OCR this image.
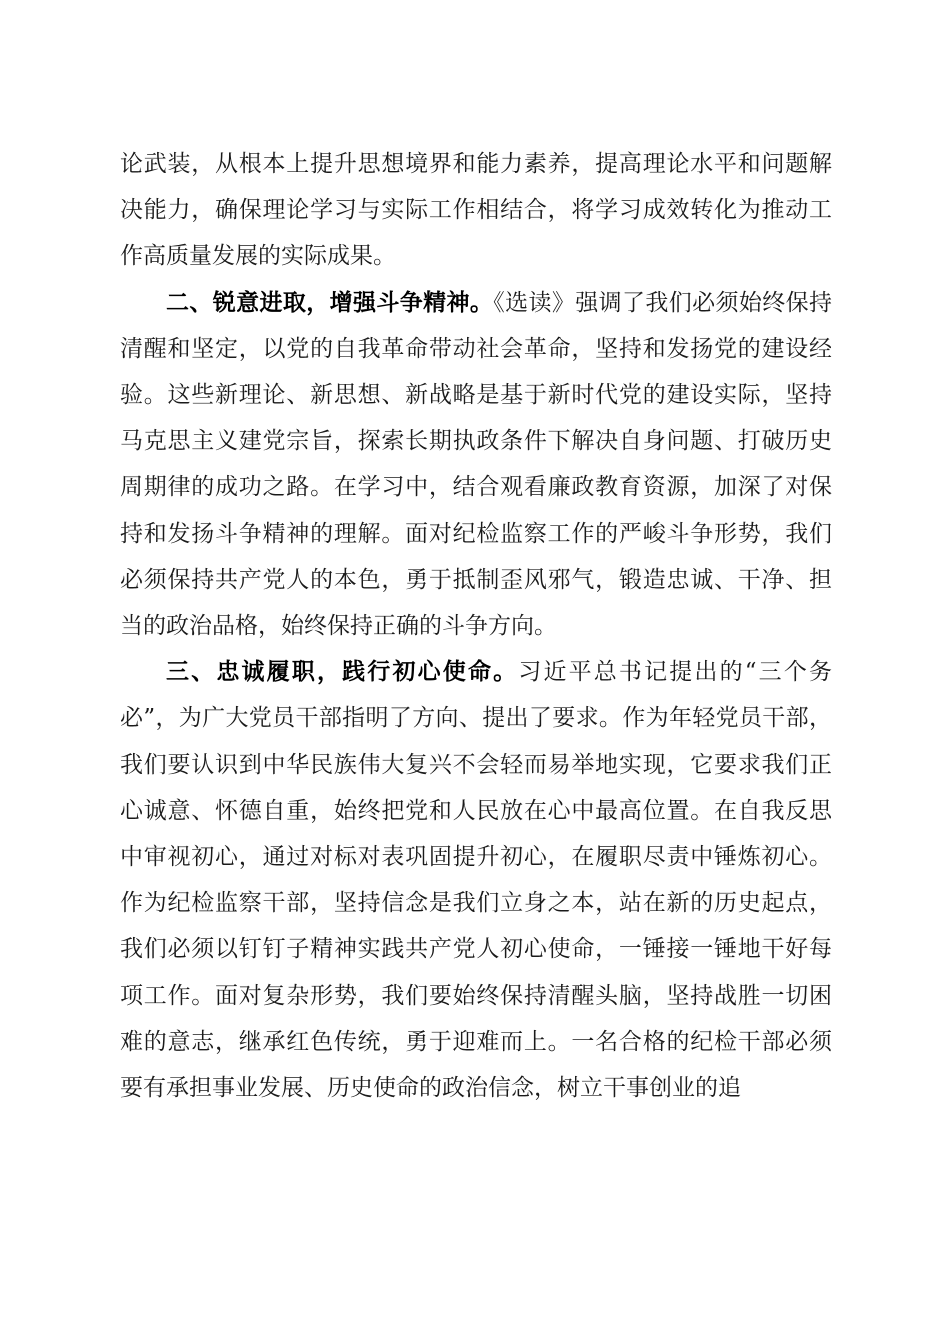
论武装，从根本上提升思想境界和能力素养，提高理论水平和问题解决能力，确保理论学习与实际工作相结合，将学习成效转化为推动工作高质量发展的实际成果。

二、锐意进取，增强斗争精神。《选读》强调了我们必须始终保持清醒和坚定，以党的自我革命带动社会革命，坚持和发扬党的建设经验。这些新理论、新思想、新战略是基于新时代党的建设实际，坚持马克思主义建党宗旨，探索长期执政条件下解决自身问题、打破历史周期律的成功之路。在学习中，结合观看廉政教育资源，加深了对保持和发扬斗争精神的理解。面对纪检监察工作的严峻斗争形势，我们必须保持共产党人的本色，勇于抵制歪风邪气，锻造忠诚、干净、担当的政治品格，始终保持正确的斗争方向。

三、忠诚履职，践行初心使命。习近平总书记提出的“三个务必”，为广大党员干部指明了方向、提出了要求。作为年轻党员干部，我们要认识到中华民族伟大复兴不会轻而易举地实现，它要求我们正心诚意、怀德自重，始终把党和人民放在心中最高位置。在自我反思中审视初心，通过对标对表巩固提升初心，在履职尽责中锤炼初心。作为纪检监察干部，坚持信念是我们立身之本，站在新的历史起点，我们必须以钉钉子精神实践共产党人初心使命，一锤接一锤地干好每项工作。面对复杂形势，我们要始终保持清醒头脑，坚持战胜一切困难的意志，继承红色传统，勇于迎难而上。一名合格的纪检干部必须要有承担事业发展、历史使命的政治信念，树立干事创业的追
